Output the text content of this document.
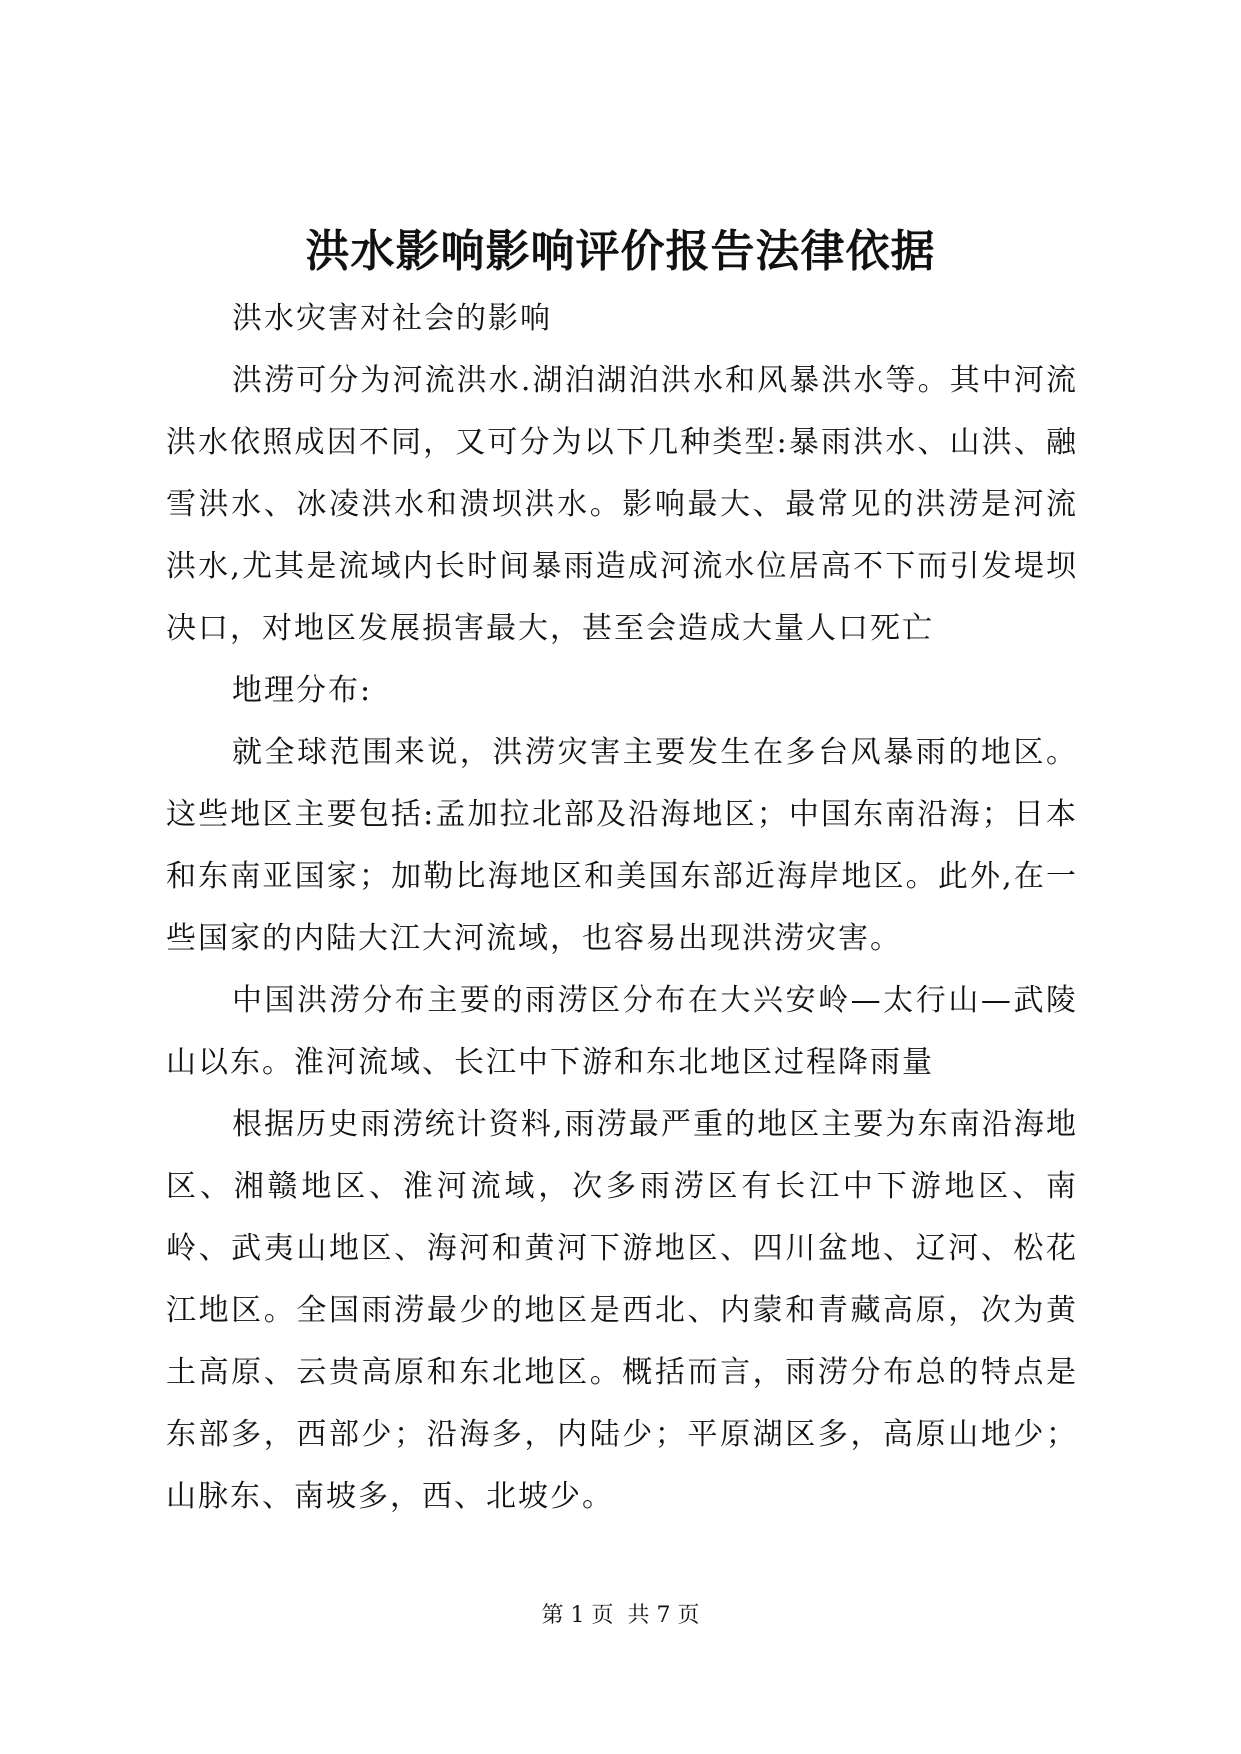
洪水影响影响评价报告法律依据

洪水灾害对社会的影响

洪涝可分为河流洪水.湖泊湖泊洪水和风暴洪水等。其中河流洪水依照成因不同，又可分为以下几种类型:暴雨洪水、山洪、融雪洪水、冰凌洪水和溃坝洪水。影响最大、最常见的洪涝是河流洪水,尤其是流域内长时间暴雨造成河流水位居高不下而引发堤坝决口，对地区发展损害最大，甚至会造成大量人口死亡

地理分布:

就全球范围来说，洪涝灾害主要发生在多台风暴雨的地区。这些地区主要包括:孟加拉北部及沿海地区；中国东南沿海；日本和东南亚国家；加勒比海地区和美国东部近海岸地区。此外,在一些国家的内陆大江大河流域，也容易出现洪涝灾害。

中国洪涝分布主要的雨涝区分布在大兴安岭—太行山—武陵山以东。淮河流域、长江中下游和东北地区过程降雨量

根据历史雨涝统计资料,雨涝最严重的地区主要为东南沿海地区、湘赣地区、淮河流域，次多雨涝区有长江中下游地区、南岭、武夷山地区、海河和黄河下游地区、四川盆地、辽河、松花江地区。全国雨涝最少的地区是西北、内蒙和青藏高原，次为黄土高原、云贵高原和东北地区。概括而言，雨涝分布总的特点是东部多，西部少；沿海多，内陆少；平原湖区多，高原山地少；山脉东、南坡多，西、北坡少。

第 1 页  共 7 页
